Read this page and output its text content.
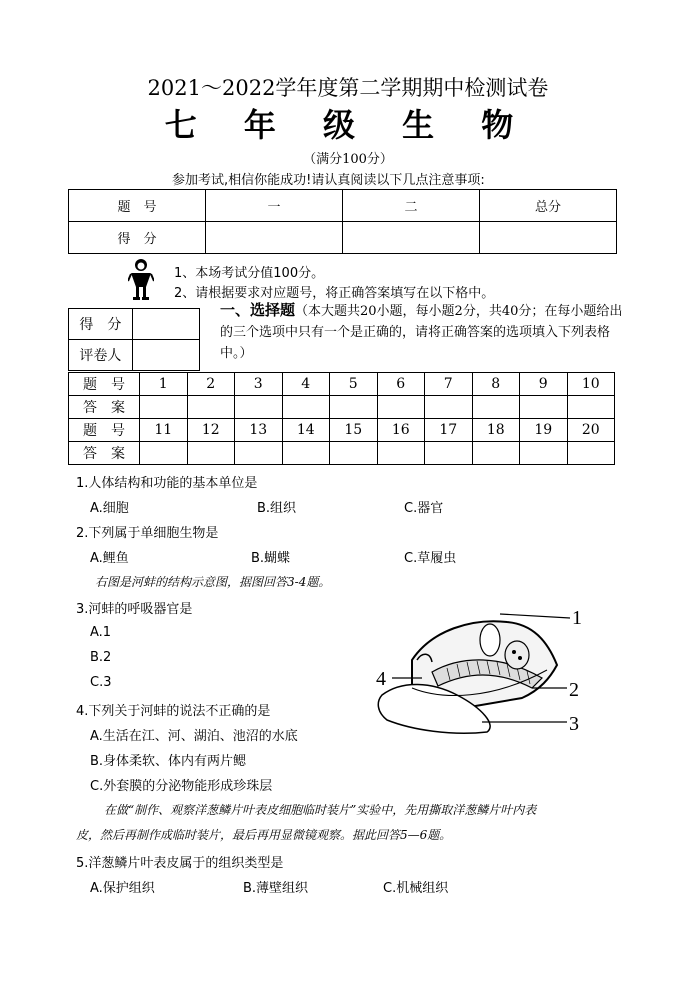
2021～2022学年度第二学期期中检测试卷
七 年 级 生 物
（满分100分）
参加考试,相信你能成功!请认真阅读以下几点注意事项:
题　号	一	二	总分
得　分			
1、本场考试分值100分。
2、请根据要求对应题号，将正确答案填写在以下格中。
得　分	
评卷人	
一、选择题（本大题共20小题，每小题2分，共40分；在每小题给出的三个选项中只有一个是正确的，请将正确答案的选项填入下列表格中。）
题　号	1	2	3	4	5	6	7	8	9	10
答　案										
题　号	11	12	13	14	15	16	17	18	19	20
答　案										
1.人体结构和功能的基本单位是
A.细胞	B.组织	C.器官
2.下列属于单细胞生物是
A.鲤鱼	B.蝴蝶	C.草履虫
右图是河蚌的结构示意图，据图回答3-4题。
3.河蚌的呼吸器官是
A.1
B.2
C.3
1
2
3
4
4.下列关于河蚌的说法不正确的是
A.生活在江、河、湖泊、池沼的水底
B.身体柔软、体内有两片鳃
C.外套膜的分泌物能形成珍珠层
在做“制作、观察洋葱鳞片叶表皮细胞临时装片”实验中，先用撕取洋葱鳞片叶内表
皮，然后再制作成临时装片，最后再用显微镜观察。据此回答5—6题。
5.洋葱鳞片叶表皮属于的组织类型是
A.保护组织	B.薄壁组织	C.机械组织
